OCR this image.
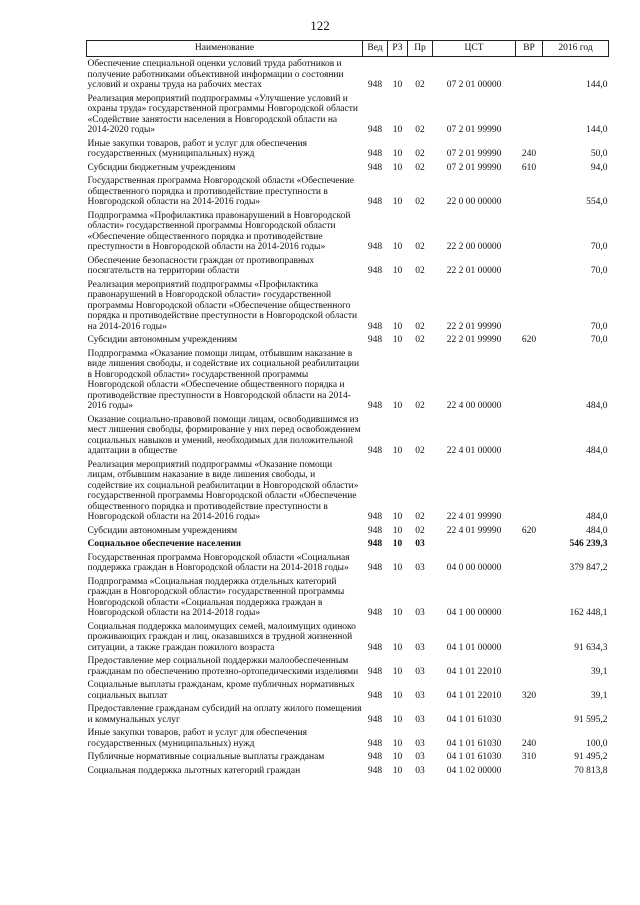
122
Наименование	Вед	РЗ	Пр	ЦСТ	ВР	2016 год
Обеспечение специальной оценки условий труда работников и получение работниками объективной информации о состоянии условий и охраны труда на рабочих местах	948	10	02	07 2 01 00000		144,0
Реализация мероприятий подпрограммы «Улучшение условий и охраны труда» государственной программы Новгородской области «Содействие занятости населения в Новгородской области на 2014-2020 годы»	948	10	02	07 2 01 99990		144,0
Иные закупки товаров, работ и услуг для обеспечения государственных (муниципальных) нужд	948	10	02	07 2 01 99990	240	50,0
Субсидии бюджетным учреждениям	948	10	02	07 2 01 99990	610	94,0
Государственная программа Новгородской области «Обеспечение общественного порядка и противодействие преступности в Новгородской области на 2014-2016 годы»	948	10	02	22 0 00 00000		554,0
Подпрограмма «Профилактика правонарушений в Новгородской области» государственной программы Новгородской области «Обеспечение общественного порядка и противодействие преступности в Новгородской области на 2014-2016 годы»	948	10	02	22 2 00 00000		70,0
Обеспечение безопасности граждан от противоправных посягательств на территории области	948	10	02	22 2 01 00000		70,0
Реализация мероприятий подпрограммы «Профилактика правонарушений в Новгородской области» государственной программы Новгородской области «Обеспечение общественного порядка и противодействие преступности в Новгородской области на 2014-2016 годы»	948	10	02	22 2 01 99990		70,0
Субсидии автономным учреждениям	948	10	02	22 2 01 99990	620	70,0
Подпрограмма «Оказание помощи лицам, отбывшим наказание в виде лишения свободы, и содействие их социальной реабилитации в Новгородской области» государственной программы Новгородской области «Обеспечение общественного порядка и противодействие преступности в Новгородской области на 2014-2016 годы»	948	10	02	22 4 00 00000		484,0
Оказание социально-правовой помощи лицам, освободившимся из мест лишения свободы, формирование у них перед освобождением социальных навыков и умений, необходимых для положительной адаптации в обществе	948	10	02	22 4 01 00000		484,0
Реализация мероприятий подпрограммы «Оказание помощи лицам, отбывшим наказание в виде лишения свободы, и содействие их социальной реабилитации в Новгородской области» государственной программы Новгородской области «Обеспечение общественного порядка и противодействие преступности в Новгородской области на 2014-2016 годы»	948	10	02	22 4 01 99990		484,0
Субсидии автономным учреждениям	948	10	02	22 4 01 99990	620	484,0
Социальное обеспечение населения	948	10	03			546 239,3
Государственная программа Новгородской области «Социальная поддержка граждан в Новгородской области на 2014-2018 годы»	948	10	03	04 0 00 00000		379 847,2
Подпрограмма «Социальная поддержка отдельных категорий граждан в Новгородской области» государственной программы Новгородской области «Социальная поддержка граждан в Новгородской области на 2014-2018 годы»	948	10	03	04 1 00 00000		162 448,1
Социальная поддержка малоимущих семей, малоимущих одиноко проживающих граждан и лиц, оказавшихся в трудной жизненной ситуации, а также граждан пожилого возраста	948	10	03	04 1 01 00000		91 634,3
Предоставление мер социальной поддержки малообеспеченным гражданам по обеспечению протезно-ортопедическими изделиями	948	10	03	04 1 01 22010		39,1
Социальные выплаты гражданам, кроме публичных нормативных социальных выплат	948	10	03	04 1 01 22010	320	39,1
Предоставление гражданам субсидий на оплату жилого помещения и коммунальных услуг	948	10	03	04 1 01 61030		91 595,2
Иные закупки товаров, работ и услуг для обеспечения государственных (муниципальных) нужд	948	10	03	04 1 01 61030	240	100,0
Публичные нормативные социальные выплаты гражданам	948	10	03	04 1 01 61030	310	91 495,2
Социальная поддержка льготных категорий граждан	948	10	03	04 1 02 00000		70 813,8
